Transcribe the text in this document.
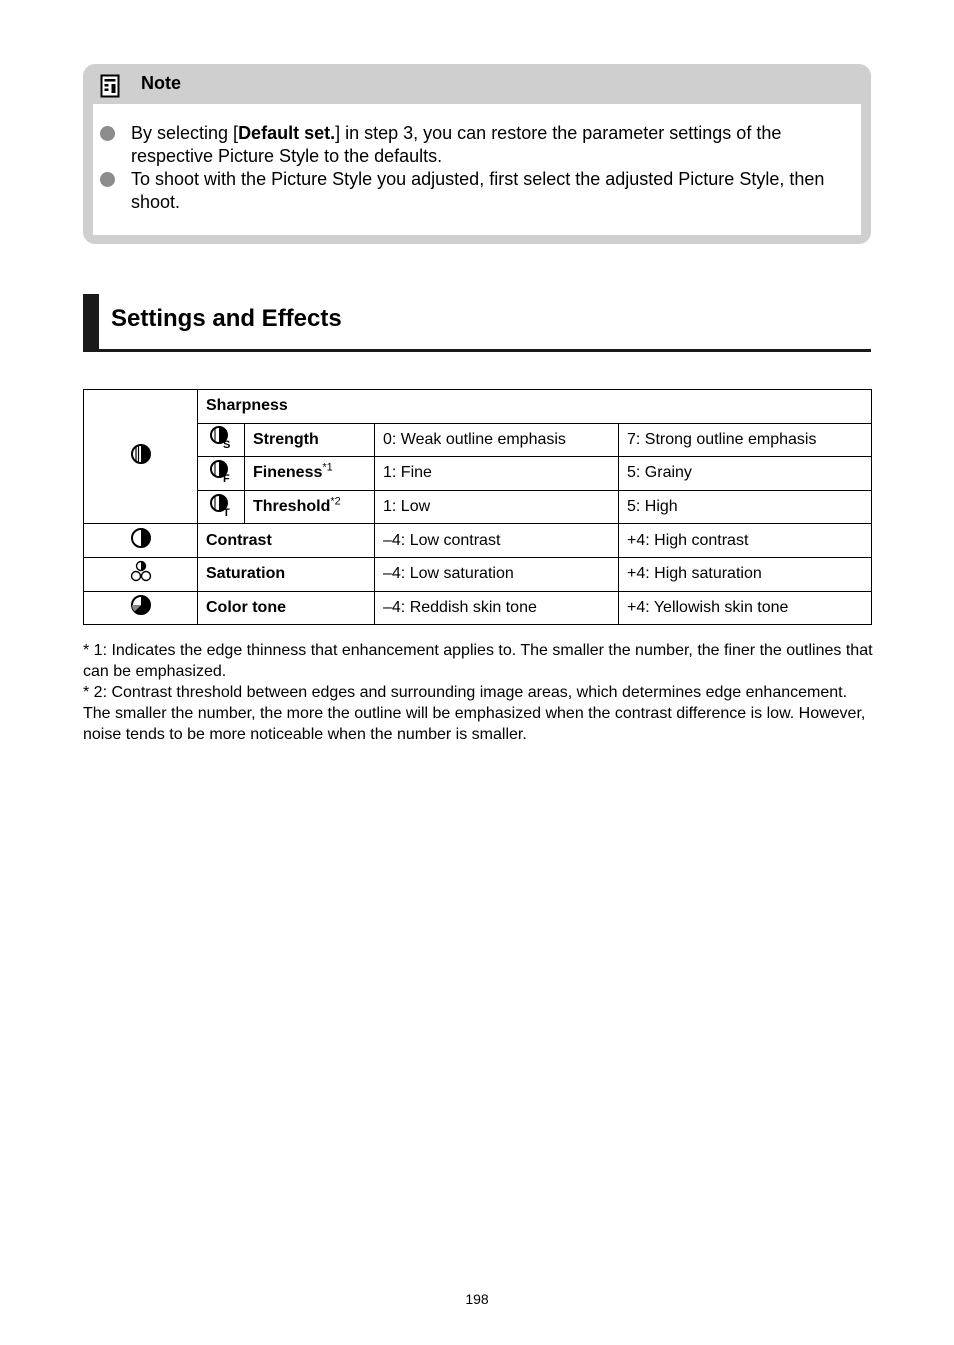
Note
By selecting [Default set.] in step 3, you can restore the parameter settings of the respective Picture Style to the defaults.
To shoot with the Picture Style you adjusted, first select the adjusted Picture Style, then shoot.
Settings and Effects
	Sharpness			

S	Strength	0: Weak outline emphasis	7: Strong outline emphasis

F	Fineness$^{*1}$	1: Fine	5: Grainy

T	Threshold$^{*2}$	1: Low	5: High
	Contrast		–4: Low contrast	+4: High contrast
	Saturation		–4: Low saturation	+4: High saturation
	Color tone		–4: Reddish skin tone	+4: Yellowish skin tone

* 1: Indicates the edge thinness that enhancement applies to. The smaller the number, the finer the outlines that can be emphasized.

* 2: Contrast threshold between edges and surrounding image areas, which determines edge enhancement. The smaller the number, the more the outline will be emphasized when the contrast difference is low. However, noise tends to be more noticeable when the number is smaller.

198
